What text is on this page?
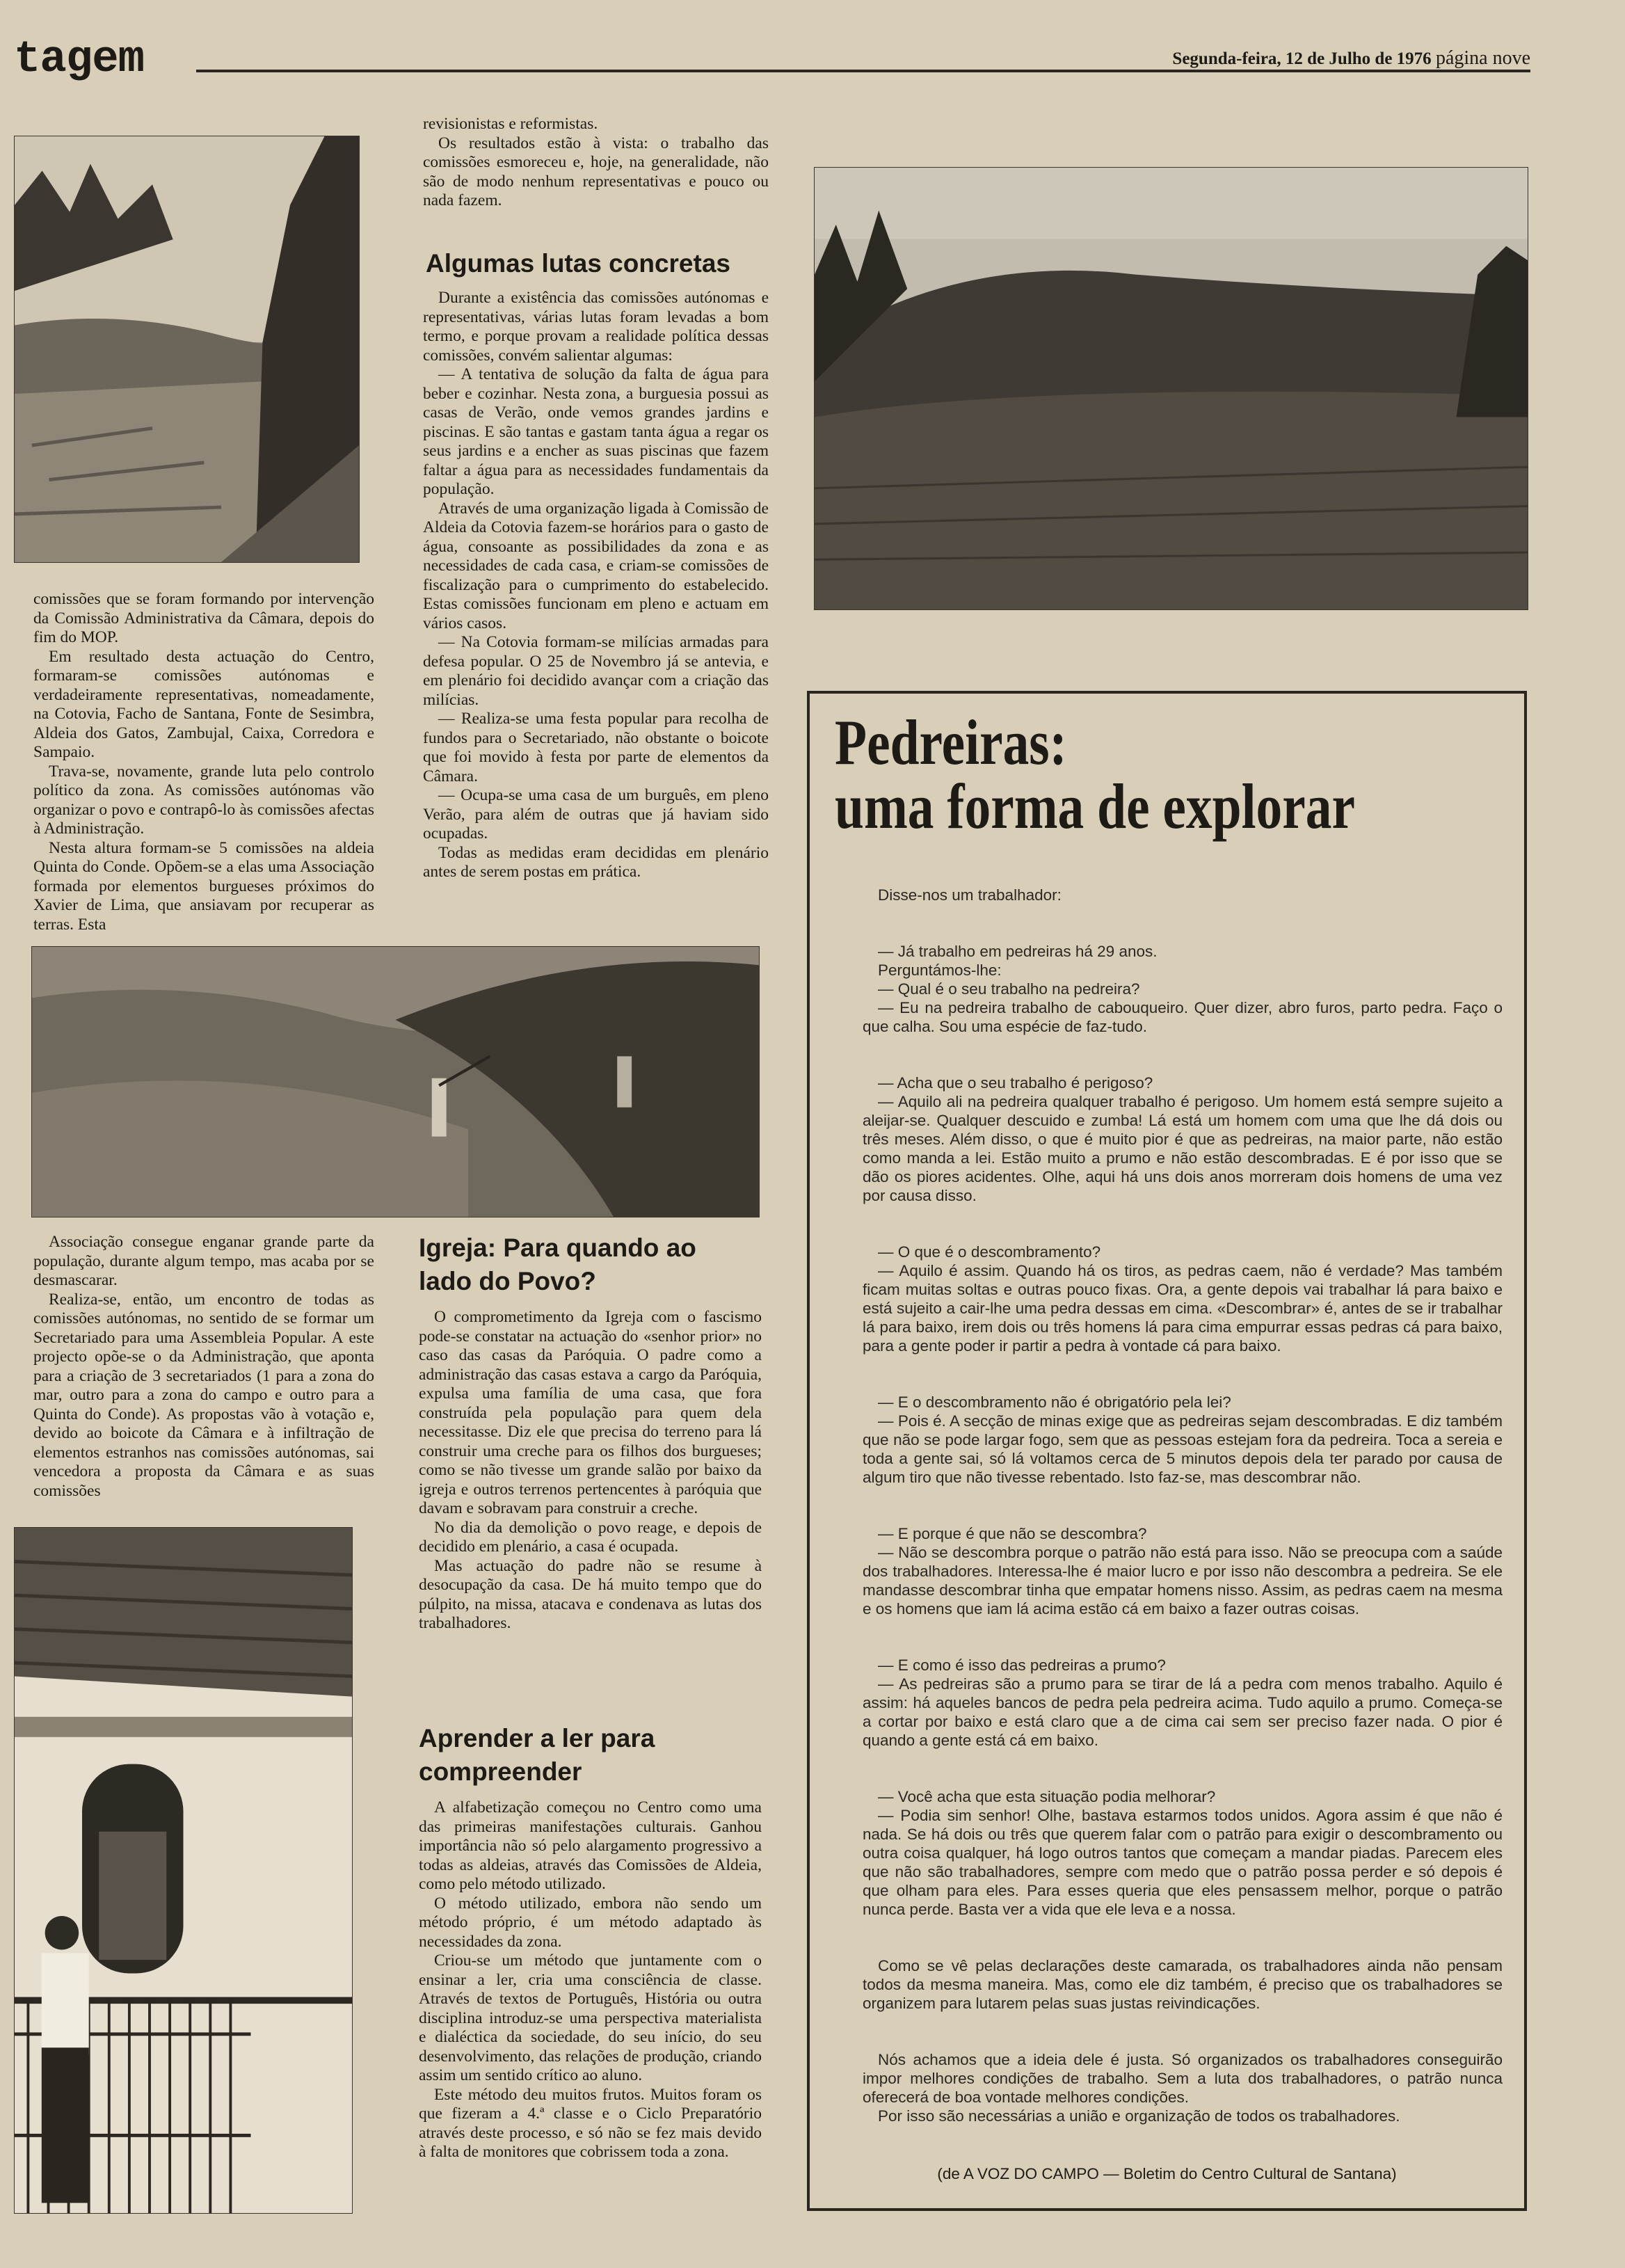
tagem	Segunda-feira, 12 de Julho de 1976 página nove

comissões que se foram formando por intervenção da Comissão Administrativa da Câmara, depois do fim do MOP.

Em resultado desta actuação do Centro, formaram-se comissões autónomas e verdadeiramente representativas, nomeadamente, na Cotovia, Facho de Santana, Fonte de Sesimbra, Aldeia dos Gatos, Zambujal, Caixa, Corredora e Sampaio.

Trava-se, novamente, grande luta pelo controlo político da zona. As comissões autónomas vão organizar o povo e contrapô-lo às comissões afectas à Administração.

Nesta altura formam-se 5 comissões na aldeia Quinta do Conde. Opõem-se a elas uma Associação formada por elementos burgueses próximos do Xavier de Lima, que ansiavam por recuperar as terras. Esta

Associação consegue enganar grande parte da população, durante algum tempo, mas acaba por se desmascarar.

Realiza-se, então, um encontro de todas as comissões autónomas, no sentido de se formar um Secretariado para uma Assembleia Popular. A este projecto opõe-se o da Administração, que aponta para a criação de 3 secretariados (1 para a zona do mar, outro para a zona do campo e outro para a Quinta do Conde). As propostas vão à votação e, devido ao boicote da Câmara e à infiltração de elementos estranhos nas comissões autónomas, sai vencedora a proposta da Câmara e as suas comissões

revisionistas e reformistas.

Os resultados estão à vista: o trabalho das comissões esmoreceu e, hoje, na generalidade, não são de modo nenhum representativas e pouco ou nada fazem.

Algumas lutas concretas

Durante a existência das comissões autónomas e representativas, várias lutas foram levadas a bom termo, e porque provam a realidade política dessas comissões, convém salientar algumas:

— A tentativa de solução da falta de água para beber e cozinhar. Nesta zona, a burguesia possui as casas de Verão, onde vemos grandes jardins e piscinas. E são tantas e gastam tanta água a regar os seus jardins e a encher as suas piscinas que fazem faltar a água para as necessidades fundamentais da população.

Através de uma organização ligada à Comissão de Aldeia da Cotovia fazem-se horários para o gasto de água, consoante as possibilidades da zona e as necessidades de cada casa, e criam-se comissões de fiscalização para o cumprimento do estabelecido. Estas comissões funcionam em pleno e actuam em vários casos.

— Na Cotovia formam-se milícias armadas para defesa popular. O 25 de Novembro já se antevia, e em plenário foi decidido avançar com a criação das milícias.

— Realiza-se uma festa popular para recolha de fundos para o Secretariado, não obstante o boicote que foi movido à festa por parte de elementos da Câmara.

— Ocupa-se uma casa de um burguês, em pleno Verão, para além de outras que já haviam sido ocupadas.

Todas as medidas eram decididas em plenário antes de serem postas em prática.

Igreja: Para quando ao lado do Povo?

O comprometimento da Igreja com o fascismo pode-se constatar na actuação do «senhor prior» no caso das casas da Paróquia. O padre como a administração das casas estava a cargo da Paróquia, expulsa uma família de uma casa, que fora construída pela população para quem dela necessitasse. Diz ele que precisa do terreno para lá construir uma creche para os filhos dos burgueses; como se não tivesse um grande salão por baixo da igreja e outros terrenos pertencentes à paróquia que davam e sobravam para construir a creche.

No dia da demolição o povo reage, e depois de decidido em plenário, a casa é ocupada.

Mas actuação do padre não se resume à desocupação da casa. De há muito tempo que do púlpito, na missa, atacava e condenava as lutas dos trabalhadores.

Aprender a ler para compreender

A alfabetização começou no Centro como uma das primeiras manifestações culturais. Ganhou importância não só pelo alargamento progressivo a todas as aldeias, através das Comissões de Aldeia, como pelo método utilizado.

O método utilizado, embora não sendo um método próprio, é um método adaptado às necessidades da zona.

Criou-se um método que juntamente com o ensinar a ler, cria uma consciência de classe. Através de textos de Português, História ou outra disciplina introduz-se uma perspectiva materialista e dialéctica da sociedade, do seu início, do seu desenvolvimento, das relações de produção, criando assim um sentido crítico ao aluno.

Este método deu muitos frutos. Muitos foram os que fizeram a 4.ª classe e o Ciclo Preparatório através deste processo, e só não se fez mais devido à falta de monitores que cobrissem toda a zona.

Pedreiras:
uma forma de explorar

Disse-nos um trabalhador:

— Já trabalho em pedreiras há 29 anos.

Perguntámos-lhe:

— Qual é o seu trabalho na pedreira?

— Eu na pedreira trabalho de cabouqueiro. Quer dizer, abro furos, parto pedra. Faço o que calha. Sou uma espécie de faz-tudo.

— Acha que o seu trabalho é perigoso?

— Aquilo ali na pedreira qualquer trabalho é perigoso. Um homem está sempre sujeito a aleijar-se. Qualquer descuido e zumba! Lá está um homem com uma que lhe dá dois ou três meses. Além disso, o que é muito pior é que as pedreiras, na maior parte, não estão como manda a lei. Estão muito a prumo e não estão descombradas. E é por isso que se dão os piores acidentes. Olhe, aqui há uns dois anos morreram dois homens de uma vez por causa disso.

— O que é o descombramento?

— Aquilo é assim. Quando há os tiros, as pedras caem, não é verdade? Mas também ficam muitas soltas e outras pouco fixas. Ora, a gente depois vai trabalhar lá para baixo e está sujeito a cair-lhe uma pedra dessas em cima. «Descombrar» é, antes de se ir trabalhar lá para baixo, irem dois ou três homens lá para cima empurrar essas pedras cá para baixo, para a gente poder ir partir a pedra à vontade cá para baixo.

— E o descombramento não é obrigatório pela lei?

— Pois é. A secção de minas exige que as pedreiras sejam descombradas. E diz também que não se pode largar fogo, sem que as pessoas estejam fora da pedreira. Toca a sereia e toda a gente sai, só lá voltamos cerca de 5 minutos depois dela ter parado por causa de algum tiro que não tivesse rebentado. Isto faz-se, mas descombrar não.

— E porque é que não se descombra?

— Não se descombra porque o patrão não está para isso. Não se preocupa com a saúde dos trabalhadores. Interessa-lhe é maior lucro e por isso não descombra a pedreira. Se ele mandasse descombrar tinha que empatar homens nisso. Assim, as pedras caem na mesma e os homens que iam lá acima estão cá em baixo a fazer outras coisas.

— E como é isso das pedreiras a prumo?

— As pedreiras são a prumo para se tirar de lá a pedra com menos trabalho. Aquilo é assim: há aqueles bancos de pedra pela pedreira acima. Tudo aquilo a prumo. Começa-se a cortar por baixo e está claro que a de cima cai sem ser preciso fazer nada. O pior é quando a gente está cá em baixo.

— Você acha que esta situação podia melhorar?

— Podia sim senhor! Olhe, bastava estarmos todos unidos. Agora assim é que não é nada. Se há dois ou três que querem falar com o patrão para exigir o descombramento ou outra coisa qualquer, há logo outros tantos que começam a mandar piadas. Parecem eles que não são trabalhadores, sempre com medo que o patrão possa perder e só depois é que olham para eles. Para esses queria que eles pensassem melhor, porque o patrão nunca perde. Basta ver a vida que ele leva e a nossa.

Como se vê pelas declarações deste camarada, os trabalhadores ainda não pensam todos da mesma maneira. Mas, como ele diz também, é preciso que os trabalhadores se organizem para lutarem pelas suas justas reivindicações.

Nós achamos que a ideia dele é justa. Só organizados os trabalhadores conseguirão impor melhores condições de trabalho. Sem a luta dos trabalhadores, o patrão nunca oferecerá de boa vontade melhores condições.

Por isso são necessárias a união e organização de todos os trabalhadores.

(de A VOZ DO CAMPO — Boletim do Centro Cultural de Santana)
